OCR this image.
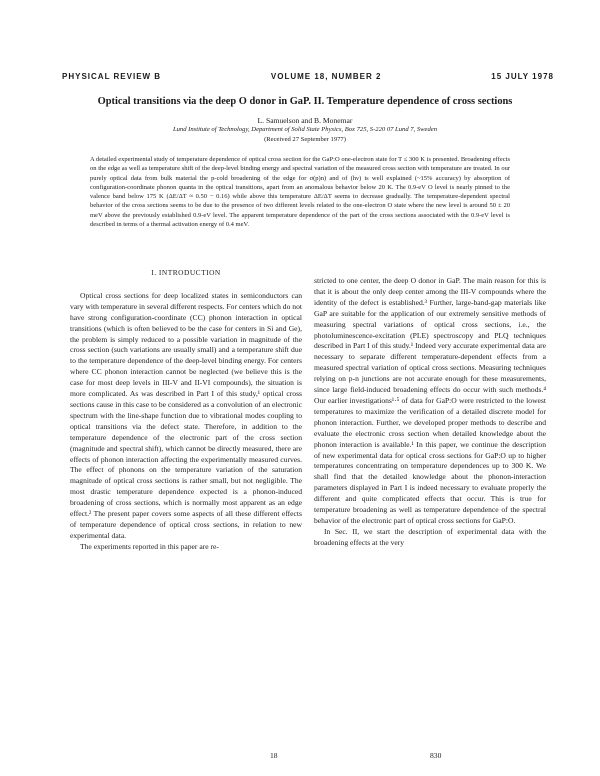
PHYSICAL REVIEW B	VOLUME 18, NUMBER 2	15 JULY 1978
Optical transitions via the deep O donor in GaP. II. Temperature dependence of cross sections
L. Samuelson and B. Monemar
Lund Institute of Technology, Department of Solid State Physics, Box 725, S-220 07 Lund 7, Sweden
(Received 27 September 1977)
A detailed experimental study of temperature dependence of optical cross section for the GaP:O one-electron state for T ≤ 300 K is presented. Broadening effects on the edge as well as temperature shift of the deep-level binding energy and spectral variation of the measured cross section with temperature are treated. In our purely optical data from bulk material the p-cold broadening of the edge for σ(p)n) and of (hν) is well explained (~15% accuracy) by absorption of configuration-coordinate phonon quanta in the optical transitions, apart from an anomalous behavior below 20 K. The 0.9-eV O level is nearly pinned to the valence band below 175 K (ΔE/ΔT ≈ 0.50 − 0.16) while above this temperature ΔE/ΔT seems to decrease gradually. The temperature-dependent spectral behavior of the cross sections seems to be due to the presence of two different levels related to the one-electron O state where the new level is around 50 ± 20 meV above the previously established 0.9-eV level. The apparent temperature dependence of the part of the cross sections associated with the 0.9-eV level is described in terms of a thermal activation energy of 0.4 meV.

I. INTRODUCTION

Optical cross sections for deep localized states in semiconductors can vary with temperature in several different respects. For centers which do not have strong configuration-coordinate (CC) phonon interaction in optical transitions (which is often believed to be the case for centers in Si and Ge), the problem is simply reduced to a possible variation in magnitude of the cross section (such variations are usually small) and a temperature shift due to the temperature dependence of the deep-level binding energy. For centers where CC phonon interaction cannot be neglected (we believe this is the case for most deep levels in III-V and II-VI compounds), the situation is more complicated. As was described in Part I of this study,¹ optical cross sections cause in this case to be considered as a convolution of an electronic spectrum with the line-shape function due to vibrational modes coupling to optical transitions via the defect state. Therefore, in addition to the temperature dependence of the electronic part of the cross section (magnitude and spectral shift), which cannot be directly measured, there are effects of phonon interaction affecting the experimentally measured curves. The effect of phonons on the temperature variation of the saturation magnitude of optical cross sections is rather small, but not negligible. The most drastic temperature dependence expected is a phonon-induced broadening of cross sections, which is normally most apparent as an edge effect.² The present paper covers some aspects of all these different effects of temperature dependence of optical cross sections, in relation to new experimental data.

The experiments reported in this paper are re-

stricted to one center, the deep O donor in GaP. The main reason for this is that it is about the only deep center among the III-V compounds where the identity of the defect is established.³ Further, large-band-gap materials like GaP are suitable for the application of our extremely sensitive methods of measuring spectral variations of optical cross sections, i.e., the photoluminescence-excitation (PLE) spectroscopy and PLQ techniques described in Part I of this study.¹ Indeed very accurate experimental data are necessary to separate different temperature-dependent effects from a measured spectral variation of optical cross sections. Measuring techniques relying on p-n junctions are not accurate enough for these measurements, since large field-induced broadening effects do occur with such methods.⁴ Our earlier investigations¹·⁵ of data for GaP:O were restricted to the lowest temperatures to maximize the verification of a detailed discrete model for phonon interaction. Further, we developed proper methods to describe and evaluate the electronic cross section when detailed knowledge about the phonon interaction is available.¹ In this paper, we continue the description of new experimental data for optical cross sections for GaP:O up to higher temperatures concentrating on temperature dependences up to 300 K. We shall find that the detailed knowledge about the phonon-interaction parameters displayed in Part I is indeed necessary to evaluate properly the different and quite complicated effects that occur. This is true for temperature broadening as well as temperature dependence of the spectral behavior of the electronic part of optical cross sections for GaP:O.

In Sec. II, we start the description of experimental data with the broadening effects at the very

18	830
